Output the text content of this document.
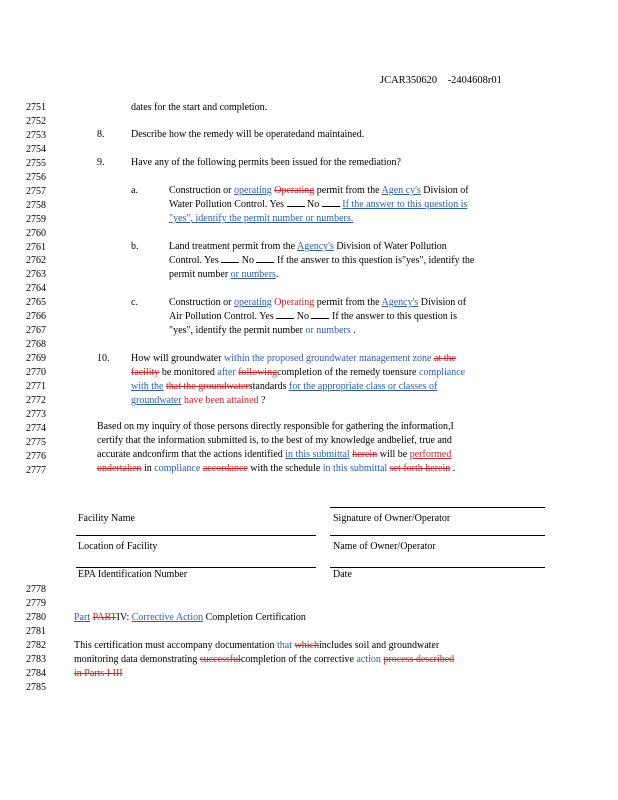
JCAR350620 -2404608r01
2751
2752
2753
2754
2755
2756
2757
2758
2759
2760
2761
2762
2763
2764
2765
2766
2767
2768
2769
2770
2771
2772
2773
2774
2775
2776
2777
2778
2779
2780
2781
2782
2783
2784
2785
dates for the start and completion.
8.	Describe how the remedy will be operatedand maintained.
9.	Have any of the following permits been issued for the remediation?
a.	Construction or operating Operating permit from the Agen cy's Division of
Water Pollution Control. Yes No If the answer to this question is
"yes", identify the permit number or numbers.
b.	Land treatment permit from the Agency's Division of Water Pollution
Control. Yes No If the answer to this question is"yes", identify the
permit number or numbers.
c.	Construction or operating Operating permit from the Agency's Division of
Air Pollution Control. Yes No If the answer to this question is
"yes", identify the permit number or numbers .
10. How will groundwater within the proposed groundwater management zone at the
facility be monitored after followingcompletion of the remedy toensure compliance
with the that the groundwaterstandards for the appropriate class or classes of
groundwater have been attained ?
Based on my inquiry of those persons directly responsible for gathering the information,I
certify that the information submitted is, to the best of my knowledge andbelief, true and
accurate andconfirm that the actions identified in this submittal herein will be performed
undertaken in compliance accordance with the schedule in this submittal set forth herein .
Facility Name	Signature of Owner/Operator
Location of Facility	Name of Owner/Operator
EPA Identification Number	Date
Part PARTIV: Corrective Action Completion Certification
This certification must accompany documentation that whichincludes soil and groundwater
monitoring data demonstrating successfulcompletion of the corrective action process described
in Parts I III
